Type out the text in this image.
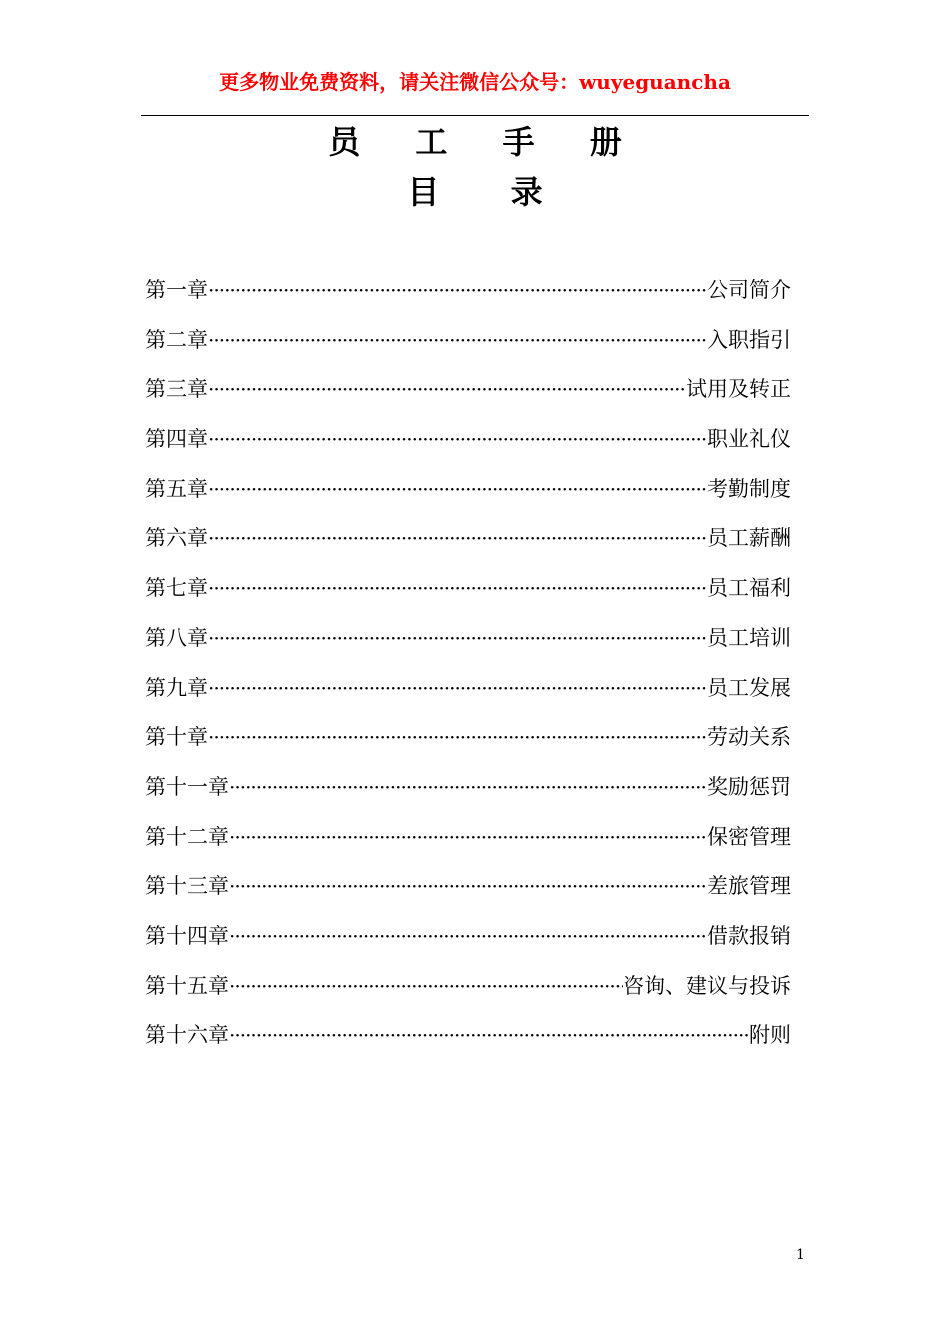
更多物业免费资料，请关注微信公众号：wuyeguancha
员 工 手 册
目 录
第一章 ·····	公司简介
第二章 ·····	入职指引
第三章 ·····	试用及转正
第四章 ·····	职业礼仪
第五章 ·····	考勤制度
第六章 ·····	员工薪酬
第七章 ·····	员工福利
第八章 ·····	员工培训
第九章 ·····	员工发展
第十章 ·····	劳动关系
第十一章 ·····	奖励惩罚
第十二章 ·····	保密管理
第十三章 ·····	差旅管理
第十四章 ·····	借款报销
第十五章 ·····	咨询、建议与投诉
第十六章 ·····	附则
1
